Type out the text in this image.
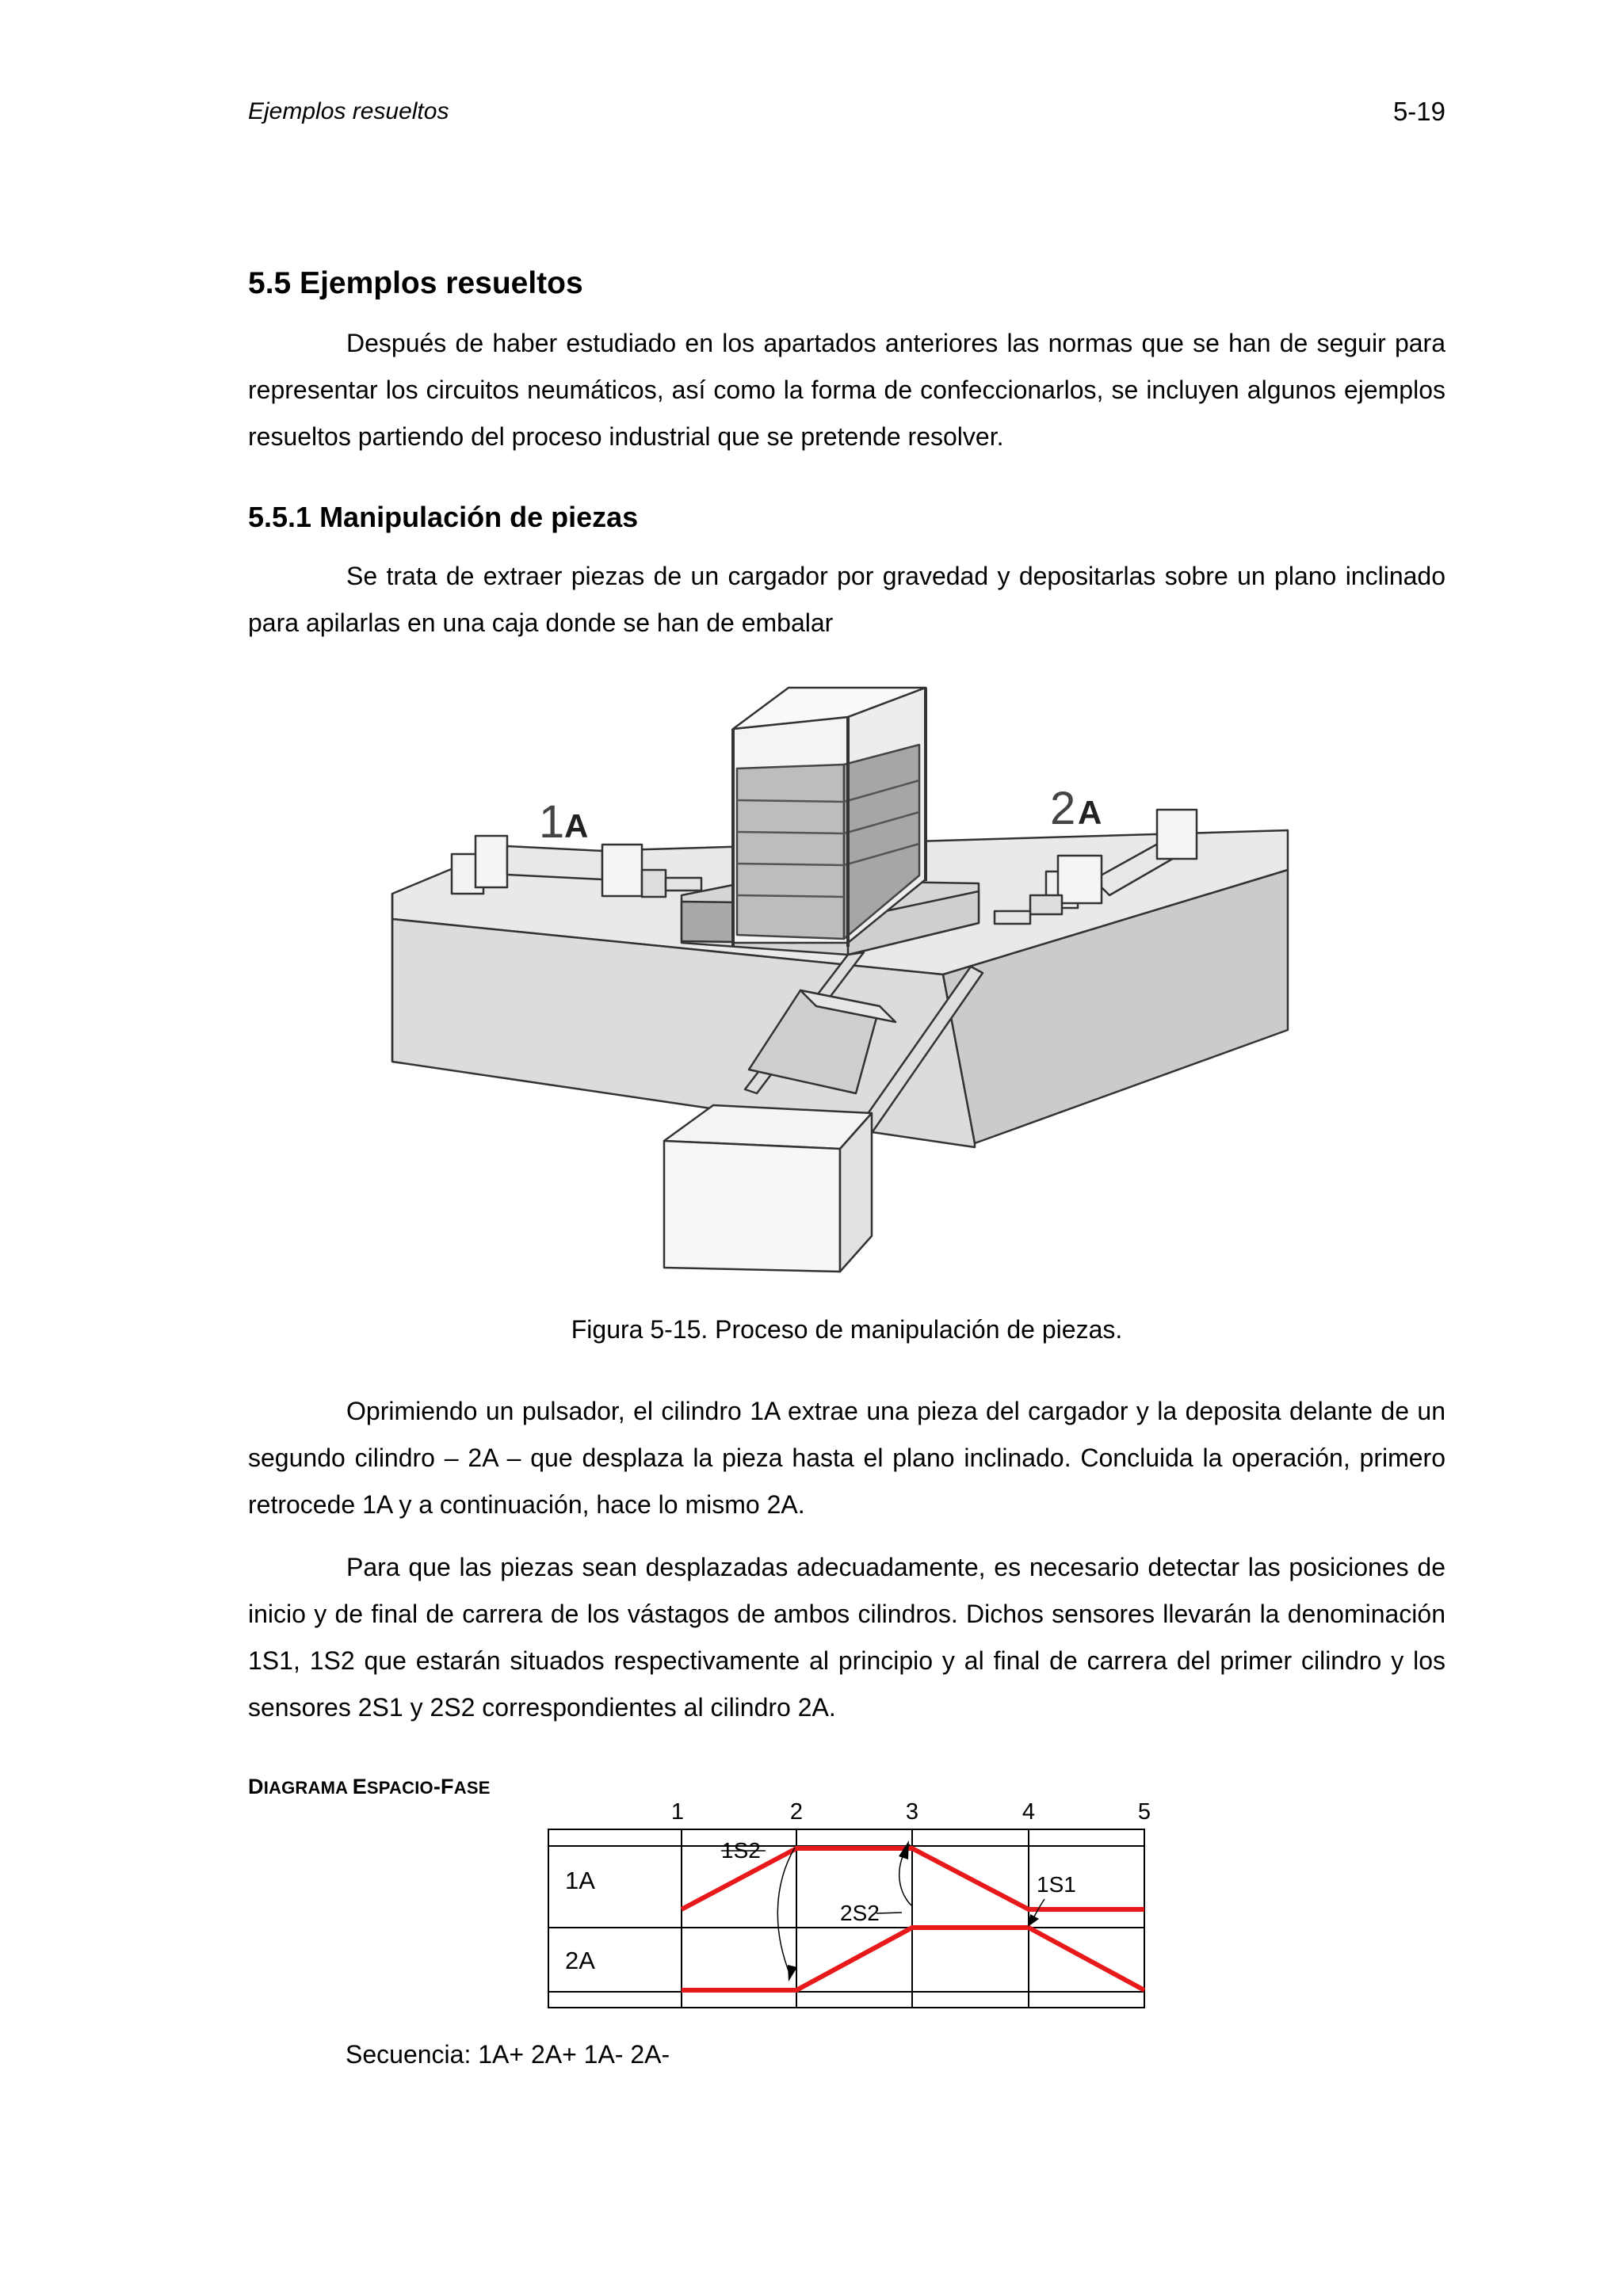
Ejemplos resueltos	5-19
5.5 Ejemplos resueltos

Después de haber estudiado en los apartados anteriores las normas que se han de seguir para representar los circuitos neumáticos, así como la forma de confeccionarlos, se incluyen algunos ejemplos resueltos partiendo del proceso industrial que se pretende resolver.

5.5.1 Manipulación de piezas

Se trata de extraer piezas de un cargador por gravedad y depositarlas sobre un plano inclinado para apilarlas en una caja donde se han de embalar

1 A	2 A
Figura 5-15. Proceso de manipulación de piezas.

Oprimiendo un pulsador, el cilindro 1A extrae una pieza del cargador y la deposita delante de un segundo cilindro – 2A – que desplaza la pieza hasta el plano inclinado. Concluida la operación, primero retrocede 1A y a continuación, hace lo mismo 2A.

Para que las piezas sean desplazadas adecuadamente, es necesario detectar las posiciones de inicio y de final de carrera de los vástagos de ambos cilindros. Dichos sensores llevarán la denominación 1S1, 1S2 que estarán situados respectivamente al principio y al final de carrera del primer cilindro y los sensores 2S1 y 2S2 correspondientes al cilindro 2A.

DIAGRAMA ESPACIO-FASE
1	2	3	4	5
1A
2A
1S2
2S2
1S1
Secuencia: 1A+ 2A+ 1A- 2A-
